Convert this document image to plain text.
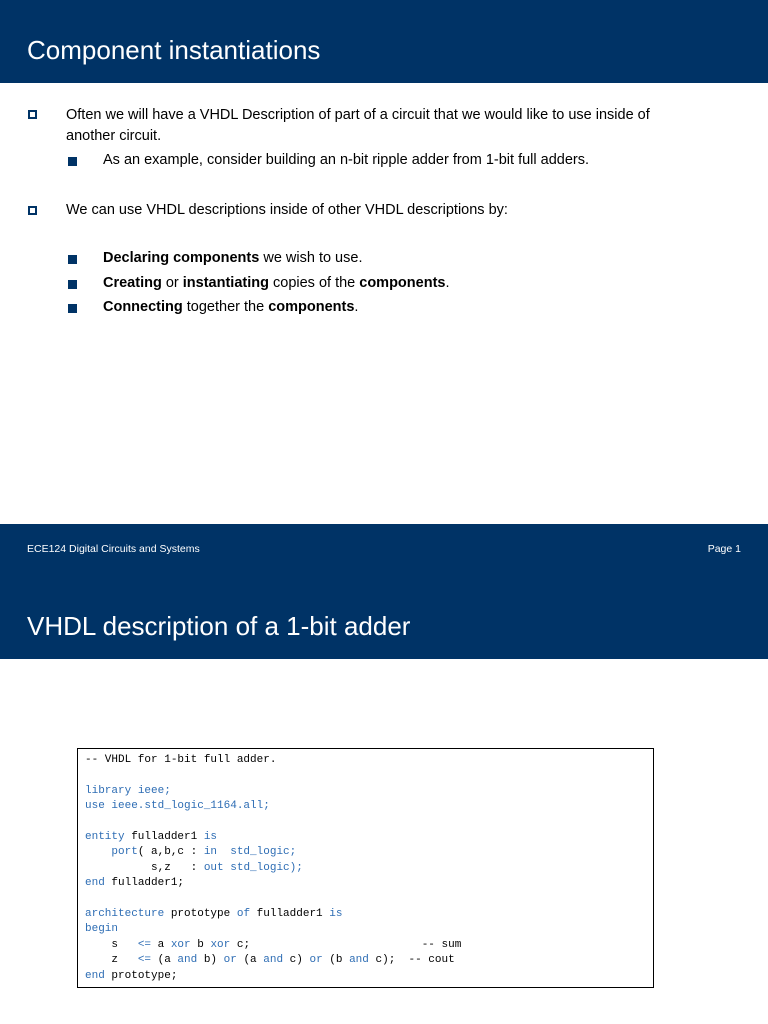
Component instantiations
Often we will have a VHDL Description of part of a circuit that we would like to use inside of
another circuit.
As an example, consider building an n-bit ripple adder from 1-bit full adders.
We can use VHDL descriptions inside of other VHDL descriptions by:
Declaring components we wish to use.
Creating or instantiating copies of the components.
Connecting together the components.
ECE124 Digital Circuits and Systems	Page 1
VHDL description of a 1-bit adder
-- VHDL for 1-bit full adder.

library ieee;
use ieee.std_logic_1164.all;

entity fulladder1 is
port( a,b,c : in  std_logic;
s,z   : out std_logic);
end fulladder1;

architecture prototype of fulladder1 is
begin
s   <= a xor b xor c;                          -- sum
z   <= (a and b) or (a and c) or (b and c);  -- cout
end prototype;
